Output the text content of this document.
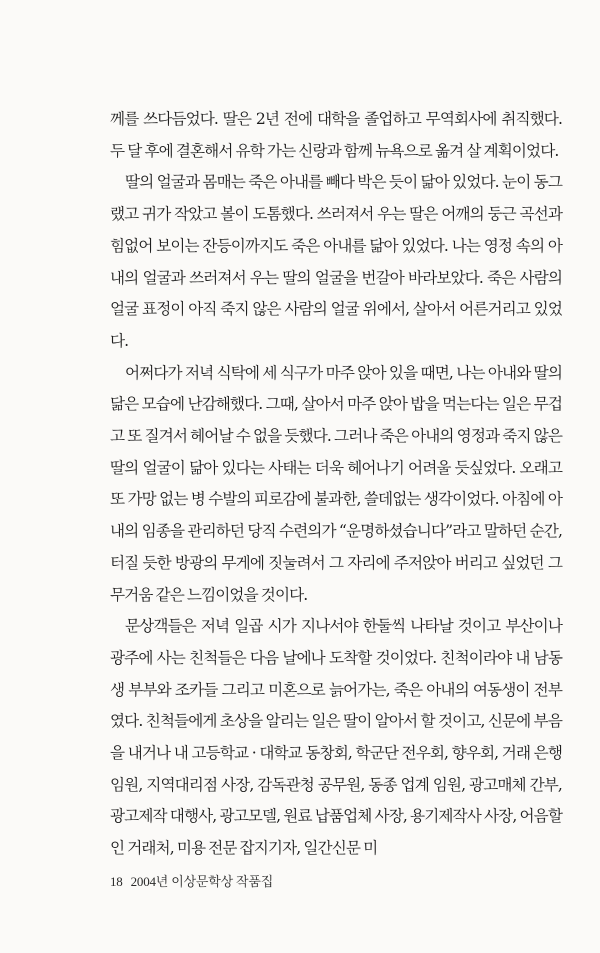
께를 쓰다듬었다. 딸은 2년 전에 대학을 졸업하고 무역회사에 취직했다. 두 달 후에 결혼해서 유학 가는 신랑과 함께 뉴욕으로 옮겨 살 계획이었다.

딸의 얼굴과 몸매는 죽은 아내를 빼다 박은 듯이 닮아 있었다. 눈이 동그랬고 귀가 작았고 볼이 도톰했다. 쓰러져서 우는 딸은 어깨의 둥근 곡선과 힘없어 보이는 잔등이까지도 죽은 아내를 닮아 있었다. 나는 영정 속의 아내의 얼굴과 쓰러져서 우는 딸의 얼굴을 번갈아 바라보았다. 죽은 사람의 얼굴 표정이 아직 죽지 않은 사람의 얼굴 위에서, 살아서 어른거리고 있었다.

어쩌다가 저녁 식탁에 세 식구가 마주 앉아 있을 때면, 나는 아내와 딸의 닮은 모습에 난감해했다. 그때, 살아서 마주 앉아 밥을 먹는다는 일은 무겁고 또 질겨서 헤어날 수 없을 듯했다. 그러나 죽은 아내의 영정과 죽지 않은 딸의 얼굴이 닮아 있다는 사태는 더욱 헤어나기 어려울 듯싶었다. 오래고 또 가망 없는 병 수발의 피로감에 불과한, 쓸데없는 생각이었다. 아침에 아내의 임종을 관리하던 당직 수련의가 “운명하셨습니다”라고 말하던 순간, 터질 듯한 방광의 무게에 짓눌려서 그 자리에 주저앉아 버리고 싶었던 그 무거움 같은 느낌이었을 것이다.

문상객들은 저녁 일곱 시가 지나서야 한둘씩 나타날 것이고 부산이나 광주에 사는 친척들은 다음 날에나 도착할 것이었다. 친척이라야 내 남동생 부부와 조카들 그리고 미혼으로 늙어가는, 죽은 아내의 여동생이 전부였다. 친척들에게 초상을 알리는 일은 딸이 알아서 할 것이고, 신문에 부음을 내거나 내 고등학교 · 대학교 동창회, 학군단 전우회, 향우회, 거래 은행 임원, 지역대리점 사장, 감독관청 공무원, 동종 업계 임원, 광고매체 간부, 광고제작 대행사, 광고모델, 원료 납품업체 사장, 용기제작사 사장, 어음할인 거래처, 미용 전문 잡지기자, 일간신문 미

18 2004년 이상문학상 작품집
